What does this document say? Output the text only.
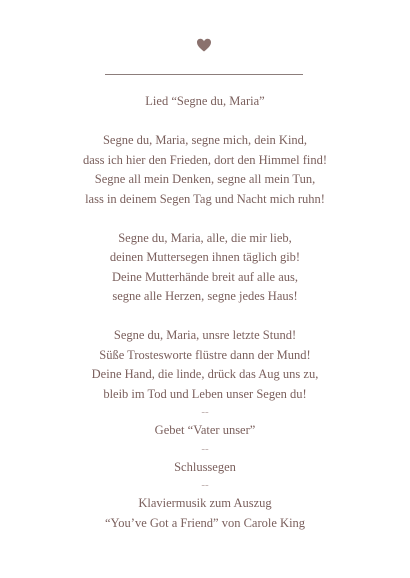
Lied “Segne du, Maria”

Segne du, Maria, segne mich, dein Kind,

dass ich hier den Frieden, dort den Himmel find!

Segne all mein Denken, segne all mein Tun,

lass in deinem Segen Tag und Nacht mich ruhn!

Segne du, Maria, alle, die mir lieb,

deinen Muttersegen ihnen täglich gib!

Deine Mutterhände breit auf alle aus,

segne alle Herzen, segne jedes Haus!

Segne du, Maria, unsre letzte Stund!

Süße Trostesworte flüstre dann der Mund!

Deine Hand, die linde, drück das Aug uns zu,

bleib im Tod und Leben unser Segen du!

--

Gebet “Vater unser”

--

Schlussegen

--

Klaviermusik zum Auszug

“You’ve Got a Friend” von Carole King
